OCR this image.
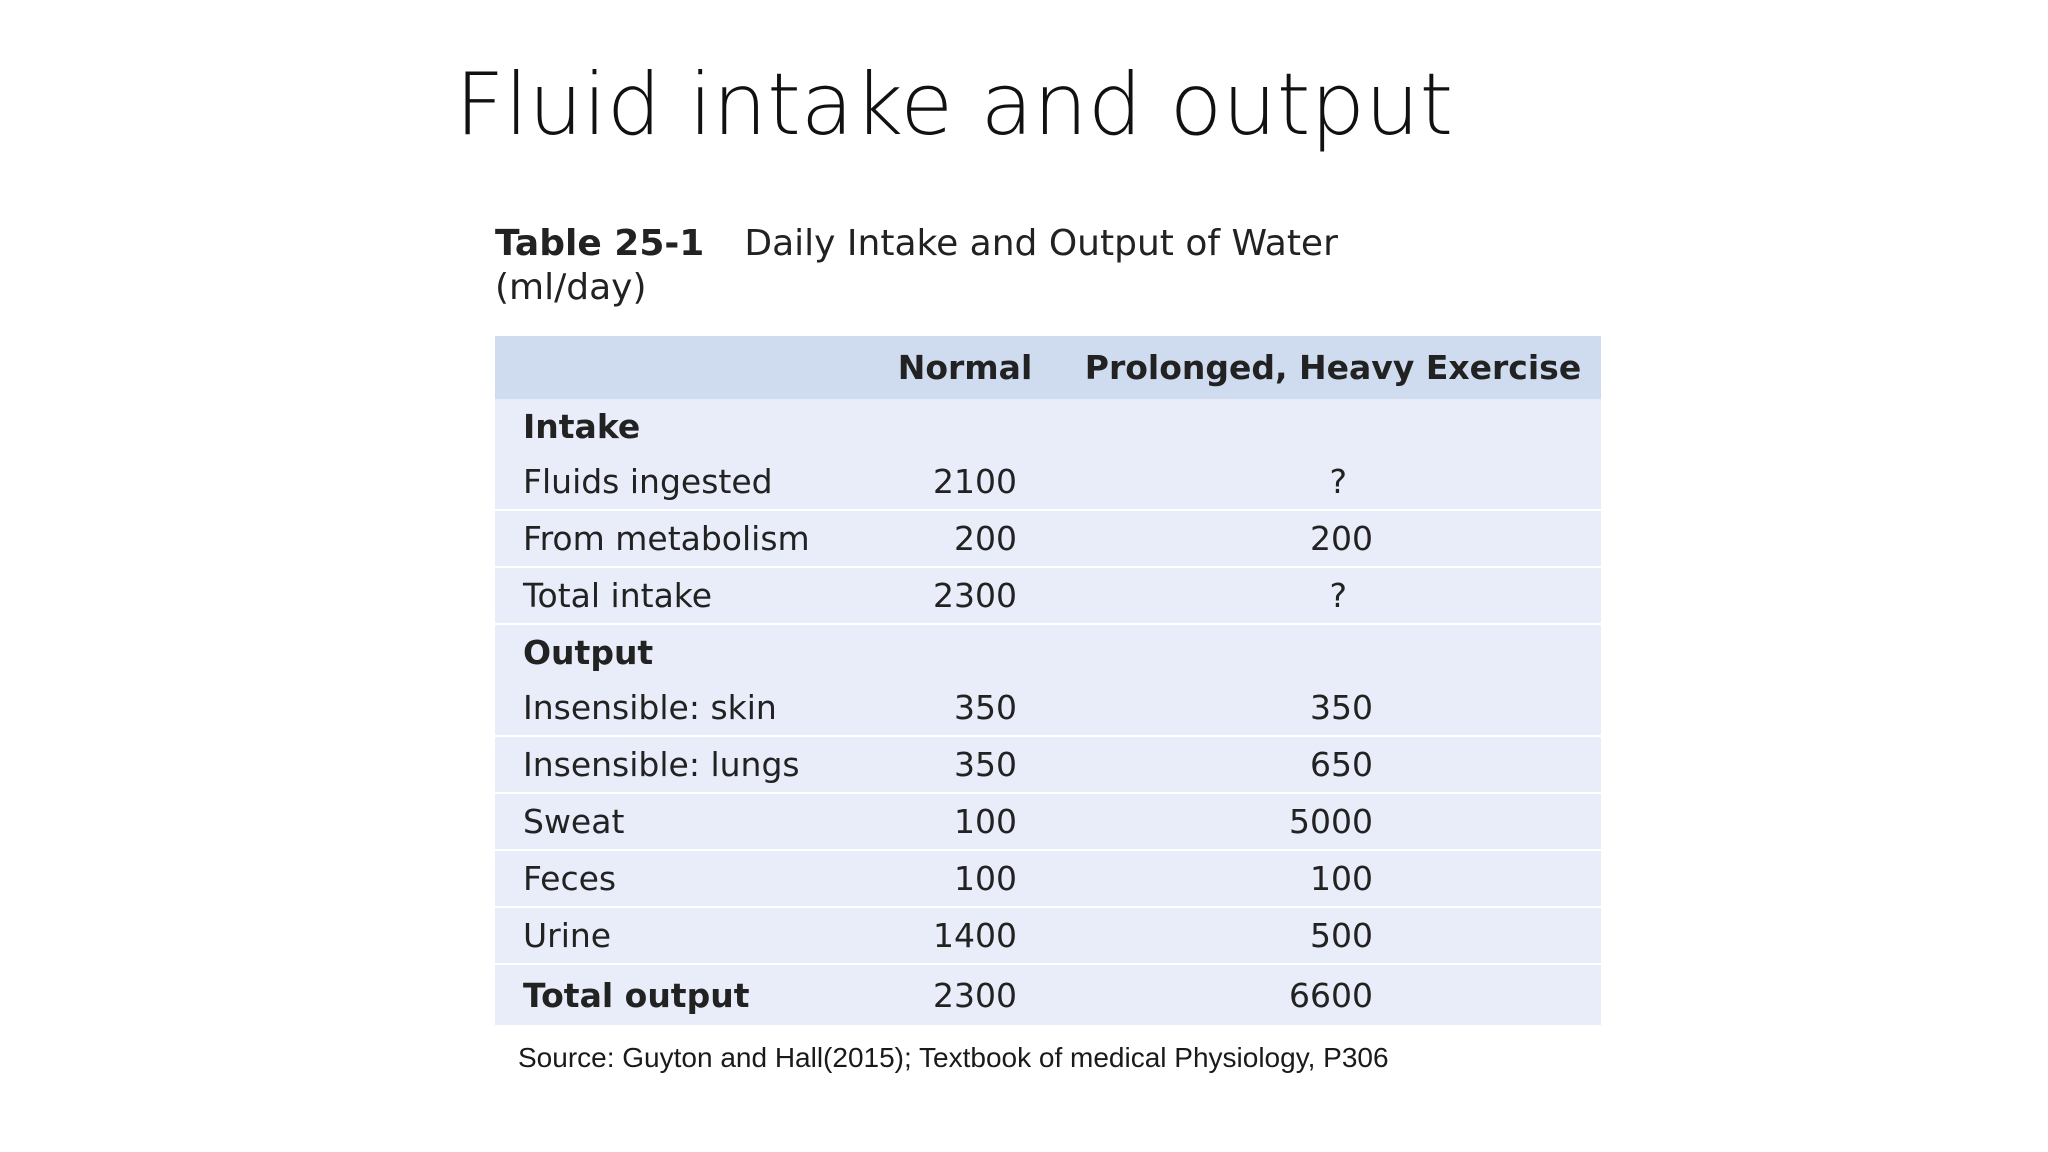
Fluid intake and output
Table 25-1 Daily Intake and Output of Water
(ml/day)
	Normal	Prolonged, Heavy Exercise
Intake		
Fluids ingested	2100	?
From metabolism	200	200
Total intake	2300	?
Output		
Insensible: skin	350	350
Insensible: lungs	350	650
Sweat	100	5000
Feces	100	100
Urine	1400	500
Total output	2300	6600
Source: Guyton and Hall(2015); Textbook of medical Physiology, P306
